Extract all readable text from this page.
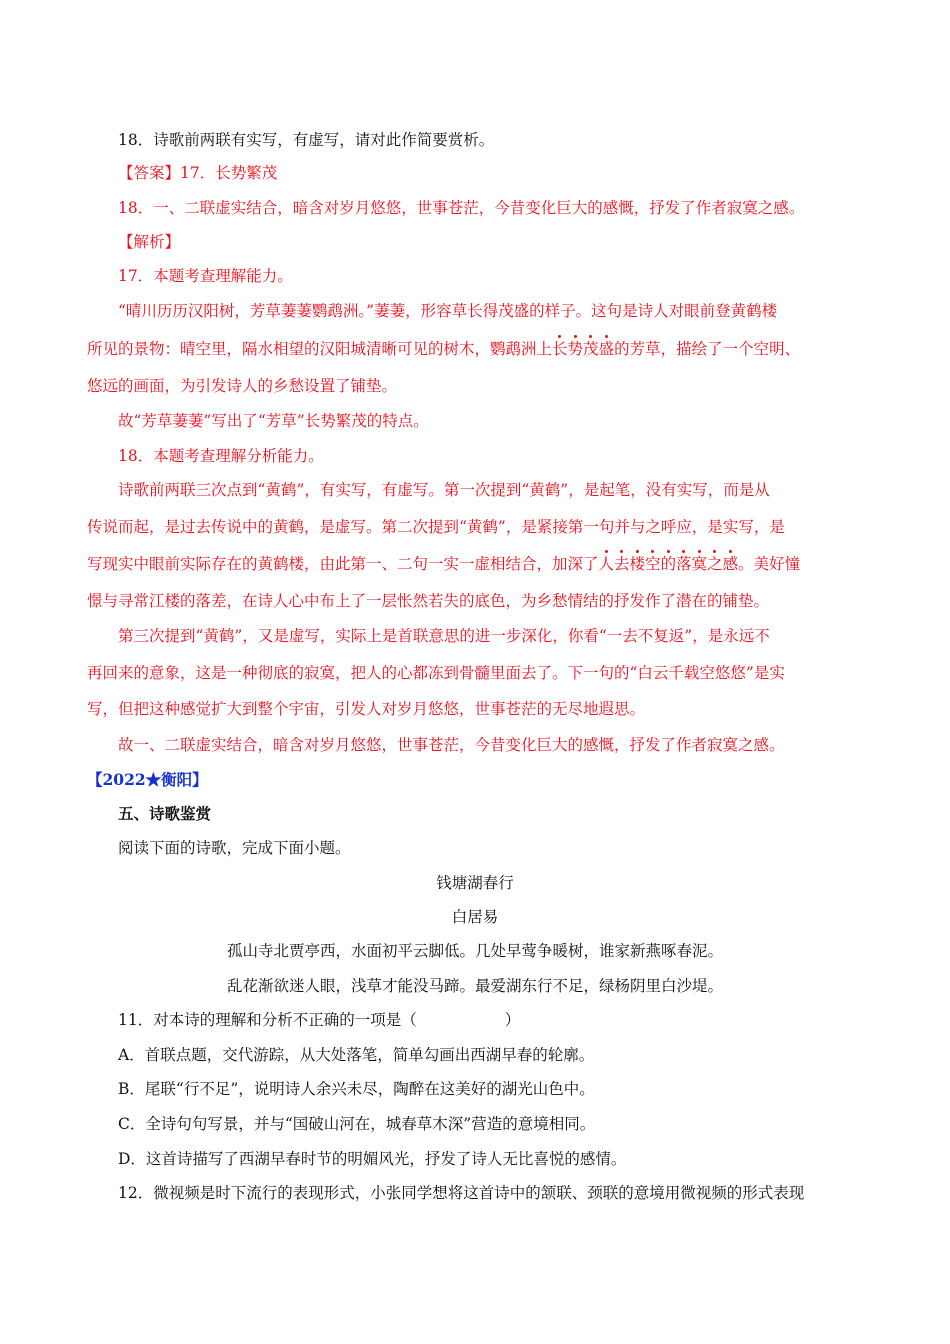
18．诗歌前两联有实写，有虚写，请对此作简要赏析。
【答案】17．长势繁茂
18．一、二联虚实结合，暗含对岁月悠悠，世事苍茫，今昔变化巨大的感慨，抒发了作者寂寞之感。
【解析】
17．本题考查理解能力。
“晴川历历汉阳树，芳草萋萋鹦鹉洲。”萋萋，形容草长得茂盛的样子。这句是诗人对眼前登黄鹤楼
所见的景物：晴空里，隔水相望的汉阳城清晰可见的树木，鹦鹉洲上长势茂盛的芳草，描绘了一个空明、
悠远的画面，为引发诗人的乡愁设置了铺垫。
故“芳草萋萋”写出了“芳草”长势繁茂的特点。
18．本题考查理解分析能力。
诗歌前两联三次点到“黄鹤”，有实写，有虚写。第一次提到“黄鹤”，是起笔，没有实写，而是从
传说而起，是过去传说中的黄鹤，是虚写。第二次提到“黄鹤”，是紧接第一句并与之呼应，是实写，是
写现实中眼前实际存在的黄鹤楼，由此第一、二句一实一虚相结合，加深了人去楼空的落寞之感。美好憧
憬与寻常江楼的落差，在诗人心中布上了一层怅然若失的底色，为乡愁情结的抒发作了潜在的铺垫。
第三次提到“黄鹤”，又是虚写，实际上是首联意思的进一步深化，你看“一去不复返”，是永远不
再回来的意象，这是一种彻底的寂寞，把人的心都冻到骨髓里面去了。下一句的“白云千载空悠悠”是实
写，但把这种感觉扩大到整个宇宙，引发人对岁月悠悠，世事苍茫的无尽地遐思。
故一、二联虚实结合，暗含对岁月悠悠，世事苍茫，今昔变化巨大的感慨，抒发了作者寂寞之感。
【2022★衡阳】
五、诗歌鉴赏
阅读下面的诗歌，完成下面小题。
钱塘湖春行
白居易
孤山寺北贾亭西，水面初平云脚低。几处早莺争暖树，谁家新燕啄春泥。
乱花渐欲迷人眼，浅草才能没马蹄。最爱湖东行不足，绿杨阴里白沙堤。
11．对本诗的理解和分析不正确的一项是（	）
A．首联点题，交代游踪，从大处落笔，简单勾画出西湖早春的轮廓。
B．尾联“行不足”，说明诗人余兴未尽，陶醉在这美好的湖光山色中。
C．全诗句句写景，并与“国破山河在，城春草木深”营造的意境相同。
D．这首诗描写了西湖早春时节的明媚风光，抒发了诗人无比喜悦的感情。
12．微视频是时下流行的表现形式，小张同学想将这首诗中的颔联、颈联的意境用微视频的形式表现
